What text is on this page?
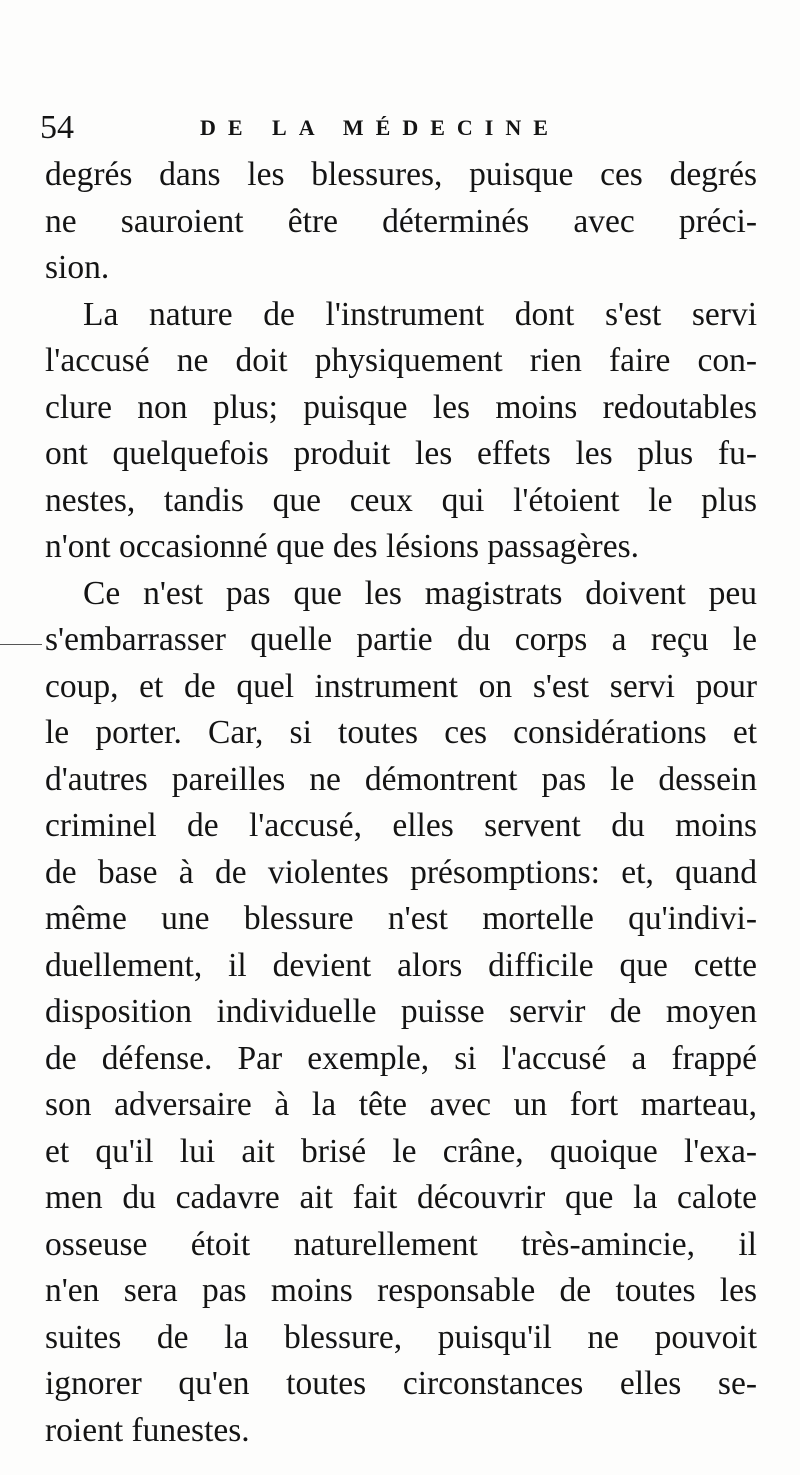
54	DE LA MÉDECINE
degrés dans les blessures, puisque ces degrés
ne sauroient être déterminés avec préci-
sion.
La nature de l'instrument dont s'est servi
l'accusé ne doit physiquement rien faire con-
clure non plus; puisque les moins redoutables
ont quelquefois produit les effets les plus fu-
nestes, tandis que ceux qui l'étoient le plus
n'ont occasionné que des lésions passagères.
Ce n'est pas que les magistrats doivent peu
s'embarrasser quelle partie du corps a reçu le
coup, et de quel instrument on s'est servi pour
le porter. Car, si toutes ces considérations et
d'autres pareilles ne démontrent pas le dessein
criminel de l'accusé, elles servent du moins
de base à de violentes présomptions: et, quand
même une blessure n'est mortelle qu'indivi-
duellement, il devient alors difficile que cette
disposition individuelle puisse servir de moyen
de défense. Par exemple, si l'accusé a frappé
son adversaire à la tête avec un fort marteau,
et qu'il lui ait brisé le crâne, quoique l'exa-
men du cadavre ait fait découvrir que la calote
osseuse étoit naturellement très-amincie, il
n'en sera pas moins responsable de toutes les
suites de la blessure, puisqu'il ne pouvoit
ignorer qu'en toutes circonstances elles se-
roient funestes.
